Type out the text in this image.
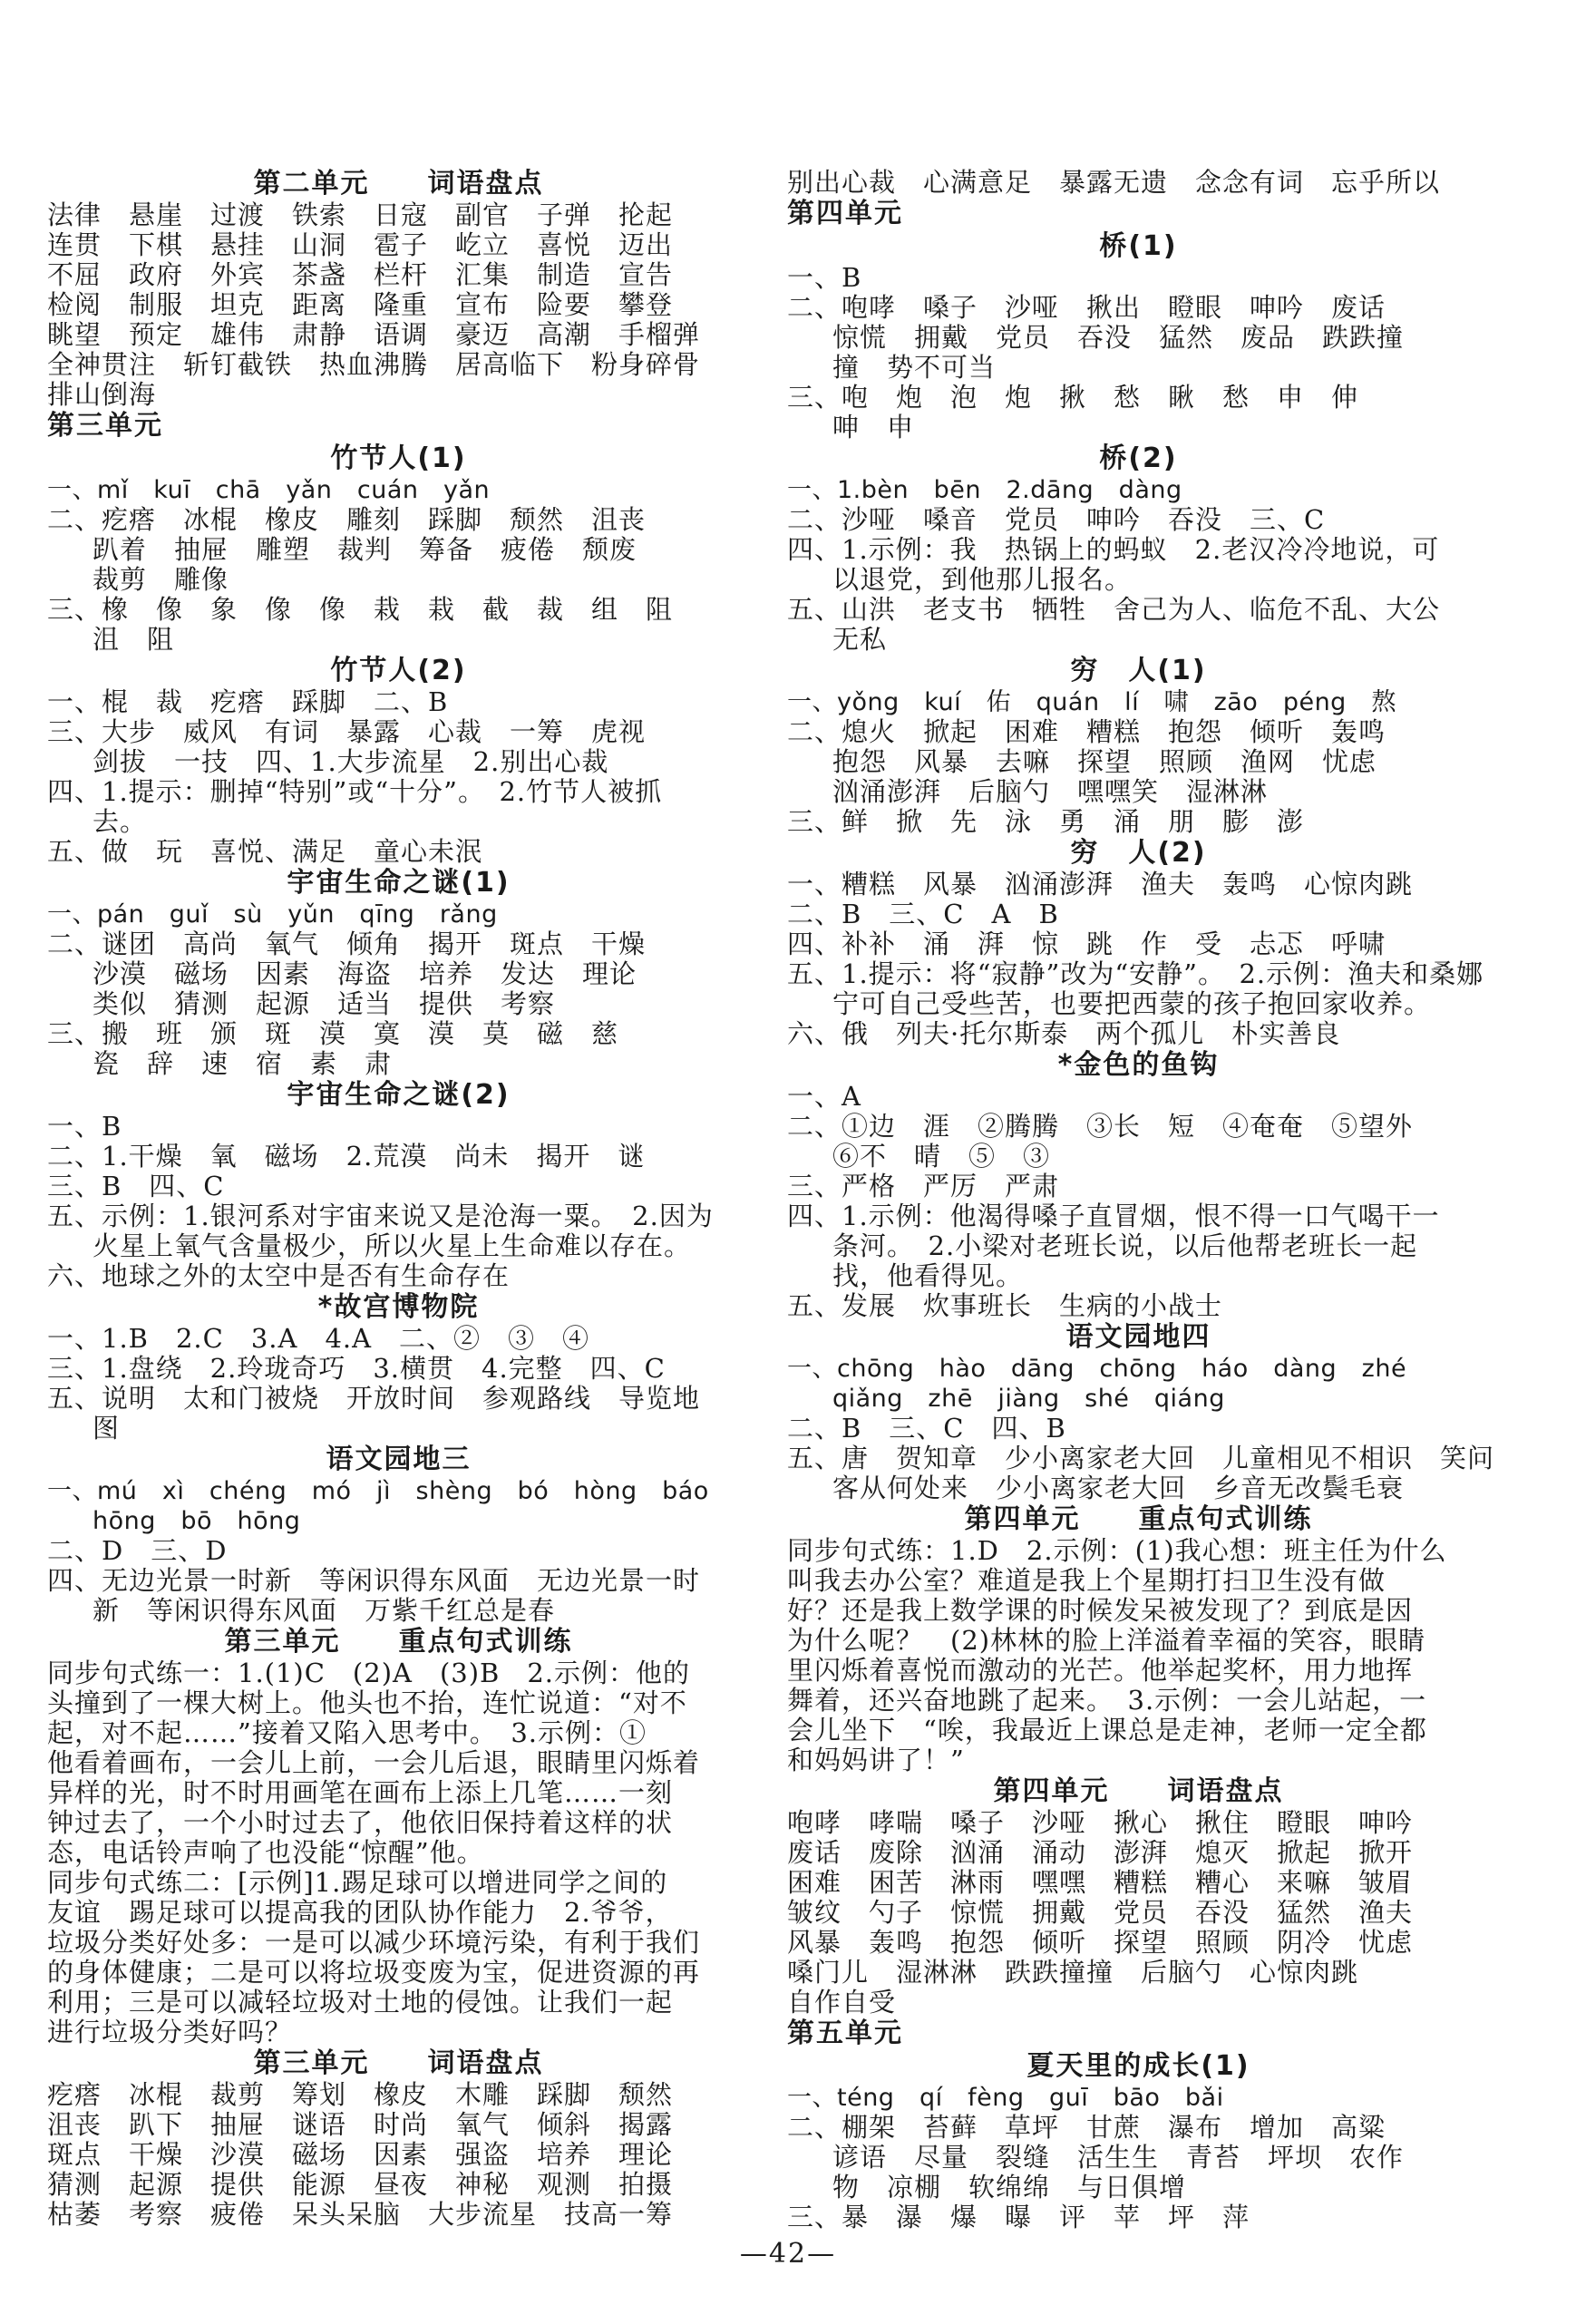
第二单元　　词语盘点
法律　悬崖　过渡　铁索　日寇　副官　子弹　抡起
连贯　下棋　悬挂　山洞　雹子　屹立　喜悦　迈出
不屈　政府　外宾　茶盏　栏杆　汇集　制造　宣告
检阅　制服　坦克　距离　隆重　宣布　险要　攀登
眺望　预定　雄伟　肃静　语调　豪迈　高潮　手榴弹
全神贯注　斩钉截铁　热血沸腾　居高临下　粉身碎骨
排山倒海
第三单元
竹节人(1)
一、mǐ　kuī　chā　yǎn　cuán　yǎn
二、疙瘩　冰棍　橡皮　雕刻　踩脚　颓然　沮丧
趴着　抽屉　雕塑　裁判　筹备　疲倦　颓废
裁剪　雕像
三、橡　像　象　像　像　栽　栽　截　裁　组　阻
沮　阻
竹节人(2)
一、棍　裁　疙瘩　踩脚　二、B
三、大步　威风　有词　暴露　心裁　一筹　虎视
剑拔　一技　四、1.大步流星　2.别出心裁
四、1.提示：删掉“特别”或“十分”。　2.竹节人被抓
去。
五、做　玩　喜悦、满足　童心未泯
宇宙生命之谜(1)
一、pán　guǐ　sù　yǔn　qīng　rǎng
二、谜团　高尚　氧气　倾角　揭开　斑点　干燥
沙漠　磁场　因素　海盗　培养　发达　理论
类似　猜测　起源　适当　提供　考察
三、搬　班　颁　斑　漠　寞　漠　莫　磁　慈
瓷　辞　速　宿　素　肃
宇宙生命之谜(2)
一、B
二、1.干燥　氧　磁场　2.荒漠　尚未　揭开　谜
三、B　四、C
五、示例：1.银河系对宇宙来说又是沧海一粟。　2.因为
火星上氧气含量极少，所以火星上生命难以存在。
六、地球之外的太空中是否有生命存在
*故宫博物院
一、1.B　2.C　3.A　4.A　二、②　③　④
三、1.盘绕　2.玲珑奇巧　3.横贯　4.完整　四、C
五、说明　太和门被烧　开放时间　参观路线　导览地
图
语文园地三
一、mú　xì　chéng　mó　jì　shèng　bó　hòng　báo
hōng　bō　hōng
二、D　三、D
四、无边光景一时新　等闲识得东风面　无边光景一时
新　等闲识得东风面　万紫千红总是春
第三单元　　重点句式训练
同步句式练一：1.(1)C　(2)A　(3)B　2.示例：他的
头撞到了一棵大树上。他头也不抬，连忙说道：“对不
起，对不起……”接着又陷入思考中。　3.示例：①
他看着画布，一会儿上前，一会儿后退，眼睛里闪烁着
异样的光，时不时用画笔在画布上添上几笔……一刻
钟过去了，一个小时过去了，他依旧保持着这样的状
态，电话铃声响了也没能“惊醒”他。
同步句式练二：[示例]1.踢足球可以增进同学之间的
友谊　踢足球可以提高我的团队协作能力　2.爷爷，
垃圾分类好处多：一是可以减少环境污染，有利于我们
的身体健康；二是可以将垃圾变废为宝，促进资源的再
利用；三是可以减轻垃圾对土地的侵蚀。让我们一起
进行垃圾分类好吗？
第三单元　　词语盘点
疙瘩　冰棍　裁剪　筹划　橡皮　木雕　踩脚　颓然
沮丧　趴下　抽屉　谜语　时尚　氧气　倾斜　揭露
斑点　干燥　沙漠　磁场　因素　强盗　培养　理论
猜测　起源　提供　能源　昼夜　神秘　观测　拍摄
枯萎　考察　疲倦　呆头呆脑　大步流星　技高一筹
别出心裁　心满意足　暴露无遗　念念有词　忘乎所以
第四单元
桥(1)
一、B
二、咆哮　嗓子　沙哑　揪出　瞪眼　呻吟　废话
惊慌　拥戴　党员　吞没　猛然　废品　跌跌撞
撞　势不可当
三、咆　炮　泡　炮　揪　愁　瞅　愁　申　伸
呻　申
桥(2)
一、1.bèn　bēn　2.dāng　dàng
二、沙哑　嗓音　党员　呻吟　吞没　三、C
四、1.示例：我　热锅上的蚂蚁　2.老汉冷冷地说，可
以退党，到他那儿报名。
五、山洪　老支书　牺牲　舍己为人、临危不乱、大公
无私
穷　人(1)
一、yǒng　kuí　佑　quán　lí　啸　zāo　péng　熬
二、熄火　掀起　困难　糟糕　抱怨　倾听　轰鸣
抱怨　风暴　去嘛　探望　照顾　渔网　忧虑
汹涌澎湃　后脑勺　嘿嘿笑　湿淋淋
三、鲜　掀　先　泳　勇　涌　朋　膨　澎
穷　人(2)
一、糟糕　风暴　汹涌澎湃　渔夫　轰鸣　心惊肉跳
二、B　三、C　A　B
四、补补　涌　湃　惊　跳　作　受　忐忑　呼啸
五、1.提示：将“寂静”改为“安静”。　2.示例：渔夫和桑娜
宁可自己受些苦，也要把西蒙的孩子抱回家收养。
六、俄　列夫·托尔斯泰　两个孤儿　朴实善良
*金色的鱼钩
一、A
二、①边　涯　②腾腾　③长　短　④奄奄　⑤望外
⑥不　晴　⑤　③
三、严格　严厉　严肃
四、1.示例：他渴得嗓子直冒烟，恨不得一口气喝干一
条河。　2.小梁对老班长说，以后他帮老班长一起
找，他看得见。
五、发展　炊事班长　生病的小战士
语文园地四
一、chōng　hào　dāng　chōng　háo　dàng　zhé
qiǎng　zhē　jiàng　shé　qiáng
二、B　三、C　四、B
五、唐　贺知章　少小离家老大回　儿童相见不相识　笑问
客从何处来　少小离家老大回　乡音无改鬓毛衰
第四单元　　重点句式训练
同步句式练：1.D　2.示例：(1)我心想：班主任为什么
叫我去办公室？难道是我上个星期打扫卫生没有做
好？还是我上数学课的时候发呆被发现了？到底是因
为什么呢？　(2)林林的脸上洋溢着幸福的笑容，眼睛
里闪烁着喜悦而激动的光芒。他举起奖杯，用力地挥
舞着，还兴奋地跳了起来。　3.示例：一会儿站起，一
会儿坐下　“唉，我最近上课总是走神，老师一定全都
和妈妈讲了！”
第四单元　　词语盘点
咆哮　哮喘　嗓子　沙哑　揪心　揪住　瞪眼　呻吟
废话　废除　汹涌　涌动　澎湃　熄灭　掀起　掀开
困难　困苦　淋雨　嘿嘿　糟糕　糟心　来嘛　皱眉
皱纹　勺子　惊慌　拥戴　党员　吞没　猛然　渔夫
风暴　轰鸣　抱怨　倾听　探望　照顾　阴冷　忧虑
嗓门儿　湿淋淋　跌跌撞撞　后脑勺　心惊肉跳
自作自受
第五单元
夏天里的成长(1)
一、téng　qí　fèng　guī　bāo　bǎi
二、棚架　苔藓　草坪　甘蔗　瀑布　增加　高粱
谚语　尽量　裂缝　活生生　青苔　坪坝　农作
物　凉棚　软绵绵　与日俱增
三、暴　瀑　爆　曝　评　苹　坪　萍
—42—
